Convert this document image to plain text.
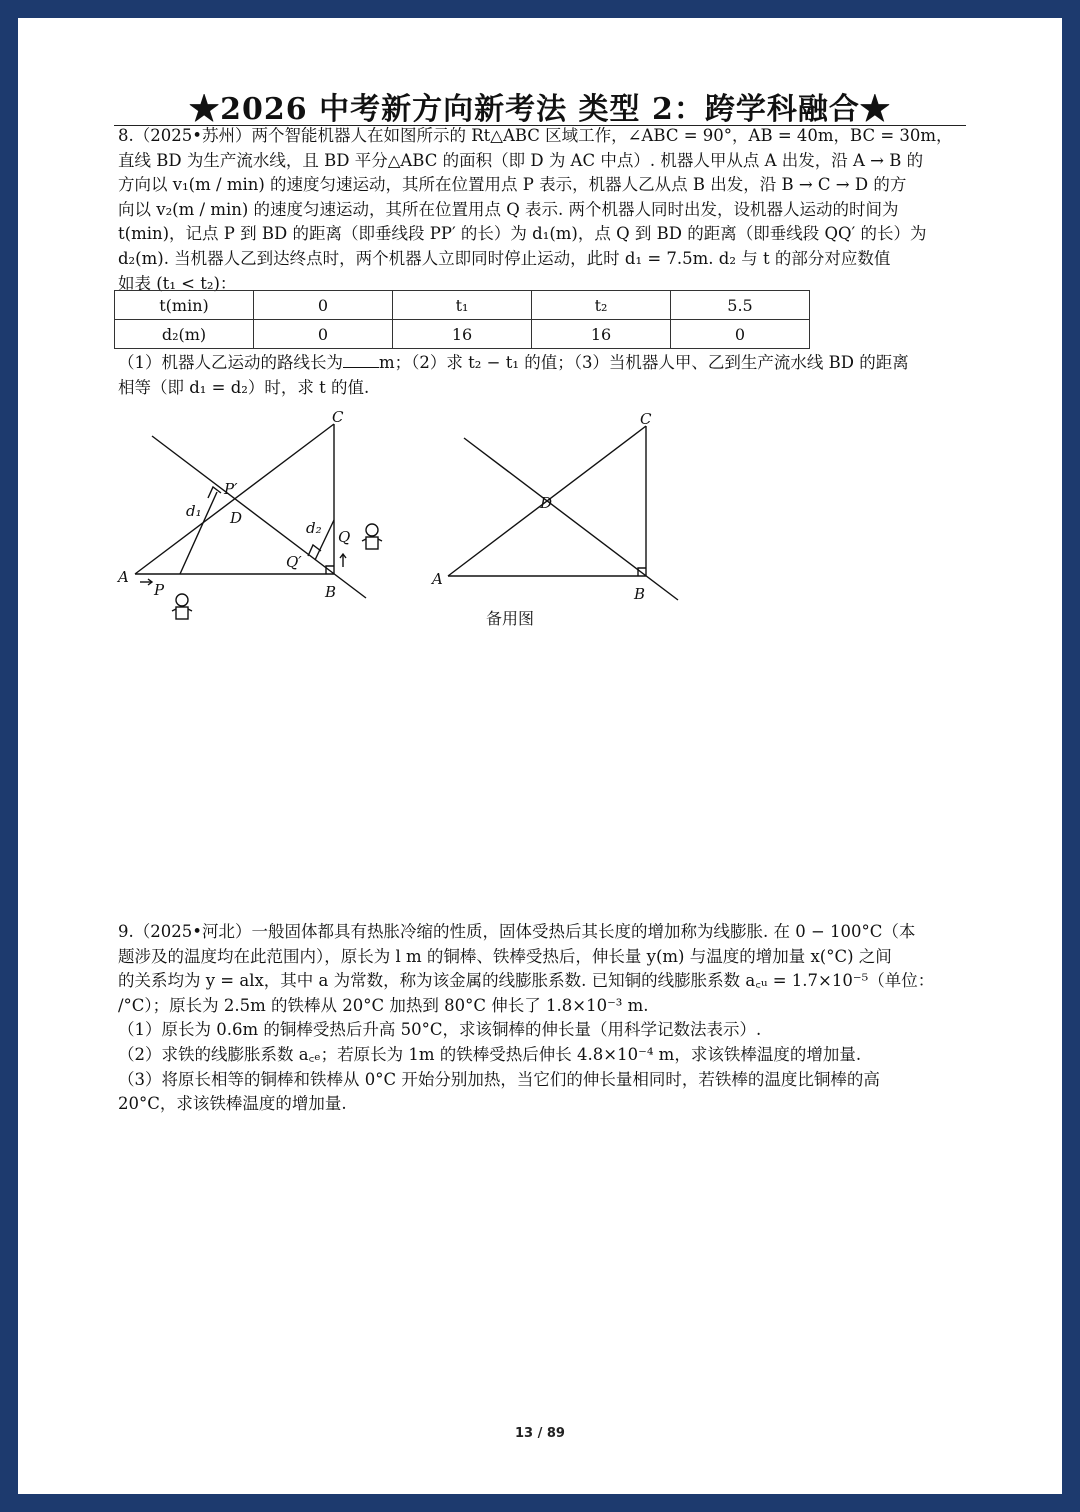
★2026 中考新方向新考法 类型 2：跨学科融合★
8.（2025•苏州）两个智能机器人在如图所示的 Rt△ABC 区域工作，∠ABC = 90°，AB = 40m，BC = 30m，
直线 BD 为生产流水线，且 BD 平分△ABC 的面积（即 D 为 AC 中点）. 机器人甲从点 A 出发，沿 A → B 的
方向以 v₁(m / min) 的速度匀速运动，其所在位置用点 P 表示，机器人乙从点 B 出发，沿 B → C → D 的方
向以 v₂(m / min) 的速度匀速运动，其所在位置用点 Q 表示. 两个机器人同时出发，设机器人运动的时间为
t(min)，记点 P 到 BD 的距离（即垂线段 PP′ 的长）为 d₁(m)，点 Q 到 BD 的距离（即垂线段 QQ′ 的长）为
d₂(m). 当机器人乙到达终点时，两个机器人立即同时停止运动，此时 d₁ = 7.5m. d₂ 与 t 的部分对应数值
如表 (t₁ < t₂)：
t(min)	0	t₁	t₂	5.5
d₂(m)	0	16	16	0
（1）机器人乙运动的路线长为 m；（2）求 t₂ − t₁ 的值；（3）当机器人甲、乙到生产流水线 BD 的距离
相等（即 d₁ = d₂）时，求 t 的值.
A
B
C
D
P
P′
Q
Q′
d₁
d₂
A
B
C
D
备用图
9.（2025•河北）一般固体都具有热胀冷缩的性质，固体受热后其长度的增加称为线膨胀. 在 0 − 100°C（本
题涉及的温度均在此范围内），原长为 l m 的铜棒、铁棒受热后，伸长量 y(m) 与温度的增加量 x(°C) 之间
的关系均为 y = alx，其中 a 为常数，称为该金属的线膨胀系数. 已知铜的线膨胀系数 a꜀ᵤ = 1.7×10⁻⁵（单位：
/°C）；原长为 2.5m 的铁棒从 20°C 加热到 80°C 伸长了 1.8×10⁻³ m.
（1）原长为 0.6m 的铜棒受热后升高 50°C，求该铜棒的伸长量（用科学记数法表示）.
（2）求铁的线膨胀系数 a꜀ₑ；若原长为 1m 的铁棒受热后伸长 4.8×10⁻⁴ m，求该铁棒温度的增加量.
（3）将原长相等的铜棒和铁棒从 0°C 开始分别加热，当它们的伸长量相同时，若铁棒的温度比铜棒的高
20°C，求该铁棒温度的增加量.
13 / 89
